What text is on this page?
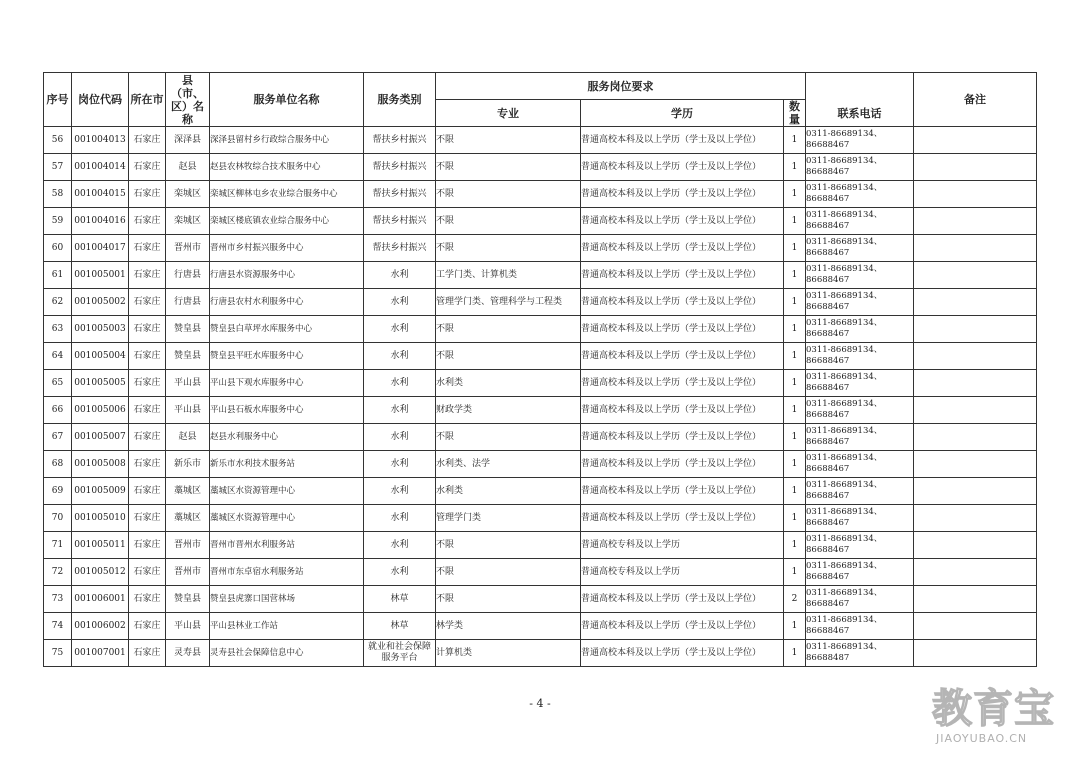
序号	岗位代码	所在市	县（市、区）名称	服务单位名称	服务类别	服务岗位要求			联系电话	备注
						专业	学历	数量		
56	001004013	石家庄	深泽县	深泽县留村乡行政综合服务中心	帮扶乡村振兴	不限	普通高校本科及以上学历（学士及以上学位）	1	0311-86689134、86688467	
57	001004014	石家庄	赵县	赵县农林牧综合技术服务中心	帮扶乡村振兴	不限	普通高校本科及以上学历（学士及以上学位）	1	0311-86689134、86688467	
58	001004015	石家庄	栾城区	栾城区柳林屯乡农业综合服务中心	帮扶乡村振兴	不限	普通高校本科及以上学历（学士及以上学位）	1	0311-86689134、86688467	
59	001004016	石家庄	栾城区	栾城区楼底镇农业综合服务中心	帮扶乡村振兴	不限	普通高校本科及以上学历（学士及以上学位）	1	0311-86689134、86688467	
60	001004017	石家庄	晋州市	晋州市乡村振兴服务中心	帮扶乡村振兴	不限	普通高校本科及以上学历（学士及以上学位）	1	0311-86689134、86688467	
61	001005001	石家庄	行唐县	行唐县水资源服务中心	水利	工学门类、计算机类	普通高校本科及以上学历（学士及以上学位）	1	0311-86689134、86688467	
62	001005002	石家庄	行唐县	行唐县农村水利服务中心	水利	管理学门类、管理科学与工程类	普通高校本科及以上学历（学士及以上学位）	1	0311-86689134、86688467	
63	001005003	石家庄	赞皇县	赞皇县白草坪水库服务中心	水利	不限	普通高校本科及以上学历（学士及以上学位）	1	0311-86689134、86688467	
64	001005004	石家庄	赞皇县	赞皇县平旺水库服务中心	水利	不限	普通高校本科及以上学历（学士及以上学位）	1	0311-86689134、86688467	
65	001005005	石家庄	平山县	平山县下观水库服务中心	水利	水利类	普通高校本科及以上学历（学士及以上学位）	1	0311-86689134、86688467	
66	001005006	石家庄	平山县	平山县石板水库服务中心	水利	财政学类	普通高校本科及以上学历（学士及以上学位）	1	0311-86689134、86688467	
67	001005007	石家庄	赵县	赵县水利服务中心	水利	不限	普通高校本科及以上学历（学士及以上学位）	1	0311-86689134、86688467	
68	001005008	石家庄	新乐市	新乐市水利技术服务站	水利	水利类、法学	普通高校本科及以上学历（学士及以上学位）	1	0311-86689134、86688467	
69	001005009	石家庄	藁城区	藁城区水资源管理中心	水利	水利类	普通高校本科及以上学历（学士及以上学位）	1	0311-86689134、86688467	
70	001005010	石家庄	藁城区	藁城区水资源管理中心	水利	管理学门类	普通高校本科及以上学历（学士及以上学位）	1	0311-86689134、86688467	
71	001005011	石家庄	晋州市	晋州市晋州水利服务站	水利	不限	普通高校专科及以上学历	1	0311-86689134、86688467	
72	001005012	石家庄	晋州市	晋州市东卓宿水利服务站	水利	不限	普通高校专科及以上学历	1	0311-86689134、86688467	
73	001006001	石家庄	赞皇县	赞皇县虎寨口国营林场	林草	不限	普通高校本科及以上学历（学士及以上学位）	2	0311-86689134、86688467	
74	001006002	石家庄	平山县	平山县林业工作站	林草	林学类	普通高校本科及以上学历（学士及以上学位）	1	0311-86689134、86688467	
75	001007001	石家庄	灵寿县	灵寿县社会保障信息中心	就业和社会保障服务平台	计算机类	普通高校本科及以上学历（学士及以上学位）	1	0311-86689134、86688487	
- 4 -	教育宝
JIAOYUBAO.CN
